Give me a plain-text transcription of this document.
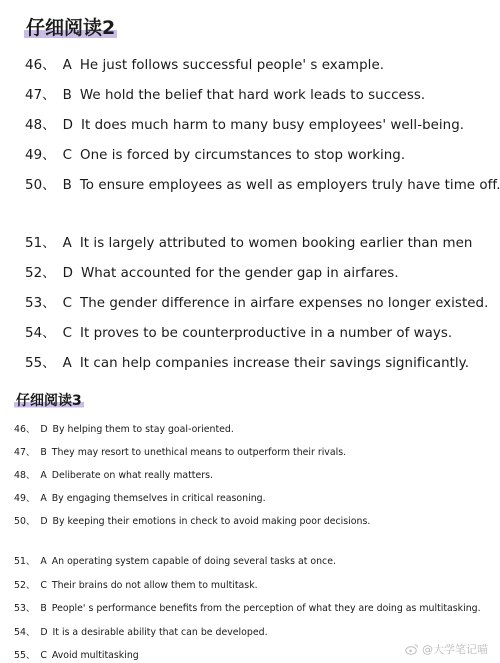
仔细阅读2
46、 A He just follows successful people' s example.
47、 B We hold the belief that hard work leads to success.
48、 D It does much harm to many busy employees' well-being.
49、 C One is forced by circumstances to stop working.
50、 B To ensure employees as well as employers truly have time off.
51、 A It is largely attributed to women booking earlier than men
52、 D What accounted for the gender gap in airfares.
53、 C The gender difference in airfare expenses no longer existed.
54、 C It proves to be counterproductive in a number of ways.
55、 A It can help companies increase their savings significantly.
仔细阅读3
46、 D By helping them to stay goal-oriented.
47、 B They may resort to unethical means to outperform their rivals.
48、 A Deliberate on what really matters.
49、 A By engaging themselves in critical reasoning.
50、 D By keeping their emotions in check to avoid making poor decisions.
51、 A An operating system capable of doing several tasks at once.
52、 C Their brains do not allow them to multitask.
53、 B People' s performance benefits from the perception of what they are doing as multitasking.
54、 D It is a desirable ability that can be developed.
55、 C Avoid multitasking	@大学笔记喵
